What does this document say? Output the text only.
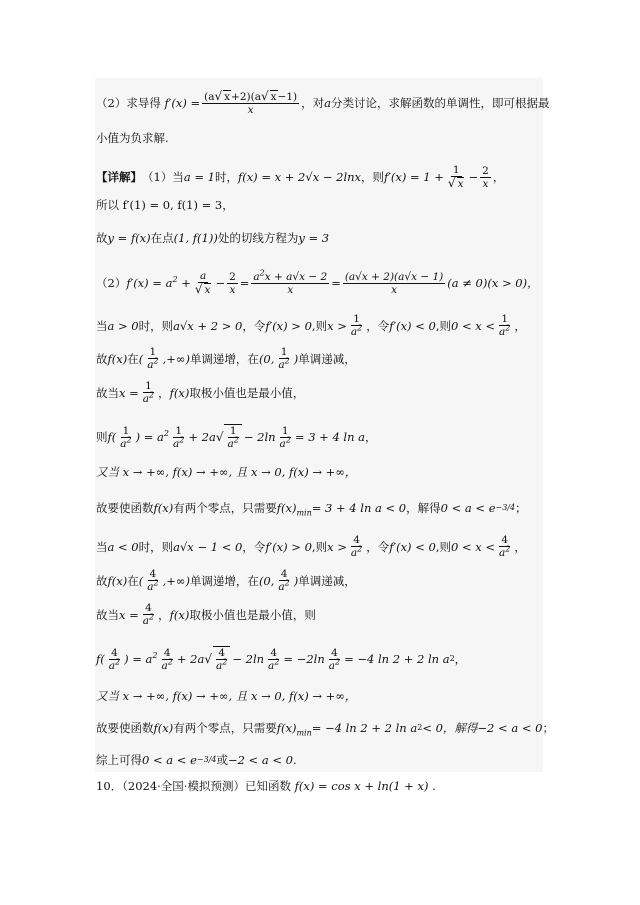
（2）求导得 $f'(x) = \frac{(a√ x+2)(a√ x-1)}{x}$ ，对 a 分类讨论，求解函数的单调性，即可根据最
小值为负求解.
【详解】 （1）当 a = 1 时， f(x) = x + 2√x − 2lnx ，则 $f'(x) = 1 + \frac{1}{√ x} - \frac{2}{x}$ ，
所以 f′(1) = 0, f(1) = 3，
故 y = f(x) 在点 (1, f(1)) 处的切线方程为 y = 3
（2） $f'(x) = a^2 + \frac{a}{√ x} - \frac{2}{x} = \frac{a^2x + a√x - 2}{x} = \frac{(a√x + 2)(a√x - 1)}{x} (a \ne 0)(x > 0)$，
当 a > 0 时，则 a√x + 2 > 0 ，令 f′(x) > 0 ,则 $x > \frac{1}{a^2}$ ，令 f′(x) < 0 ,则 $0 < x < \frac{1}{a^2}$ ，
故 f(x) 在 ( $\frac{1}{a^2}$ ,+∞) 单调递增，在 (0, $\frac{1}{a^2}$ ) 单调递减，
故当 $x = \frac{1}{a^2}$ ， f(x) 取极小值也是最小值，
则 $f( \frac{1}{a^2}$ ) = $a^2 \frac{1}{a^2} + 2a√ \frac{1}{a^2} - 2\ln \frac{1}{a^2} = 3 + 4$ ln a ，
又当 x → +∞, f(x) → +∞, 且 x → 0, f(x) → +∞，
故要使函数 f(x) 有两个零点，只需要 $f(x)_{min} = 3 + 4$ ln a < 0 ，解得 0 < a < e −3/4 ；
当 a < 0 时，则 a√x − 1 < 0 ，令 f′(x) > 0 ,则 $x > \frac{4}{a^2}$ ，令 f′(x) < 0 ,则 $0 < x < \frac{4}{a^2}$ ，
故 f(x) 在 ( $\frac{4}{a^2}$ ,+∞) 单调递增，在 (0, $\frac{4}{a^2}$ ) 单调递减，
故当 $x = \frac{4}{a^2}$ ， f(x) 取极小值也是最小值，则
$f( \frac{4}{a^2}$ ) = $a^2 \frac{4}{a^2} + 2a√ \frac{4}{a^2} - 2\ln \frac{4}{a^2} = -2\ln \frac{4}{a^2} = -4$ ln 2 + 2 ln a 2 ，
又当 x → +∞, f(x) → +∞, 且 x → 0, f(x) → +∞，
故要使函数 f(x) 有两个零点，只需要 $f(x)_{min} = -4$ ln 2 + 2 ln a 2 < 0，解得 −2 < a < 0 ；
综上可得 0 < a < e −3/4 或 −2 < a < 0 .
10．（2024·全国·模拟预测）已知函数 f(x) = cos x + ln(1 + x) .
